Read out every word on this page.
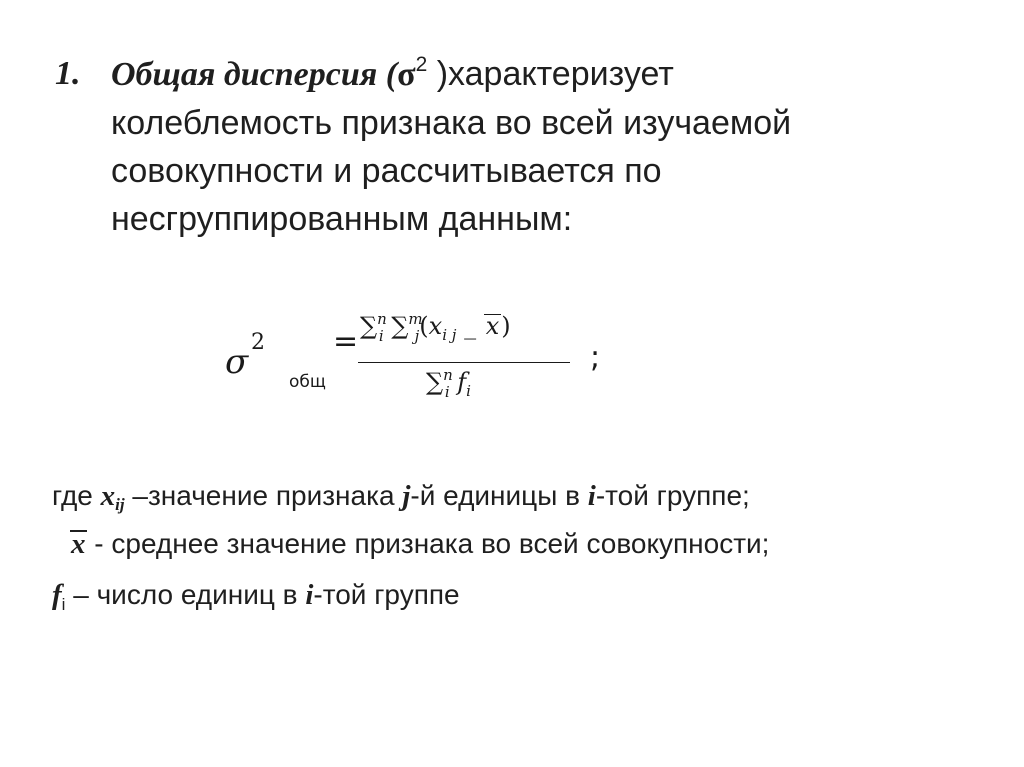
1. Общая дисперсия ($\sigma^2$ )характеризует
колеблемость признака во всей изучаемой
совокупности и рассчитывается по
несгруппированным данным:
σ 2
общ
= ∑$^n_i$ $\sum^m_j(x_{i j}$ _ x)
∑$^n_i$ $f_i$
;
где $x_{ij}$ –значение признака j-й единицы в i-той группе;
x - среднее значение признака во всей совокупности;
$f_i$ – число единиц в i-той группе
